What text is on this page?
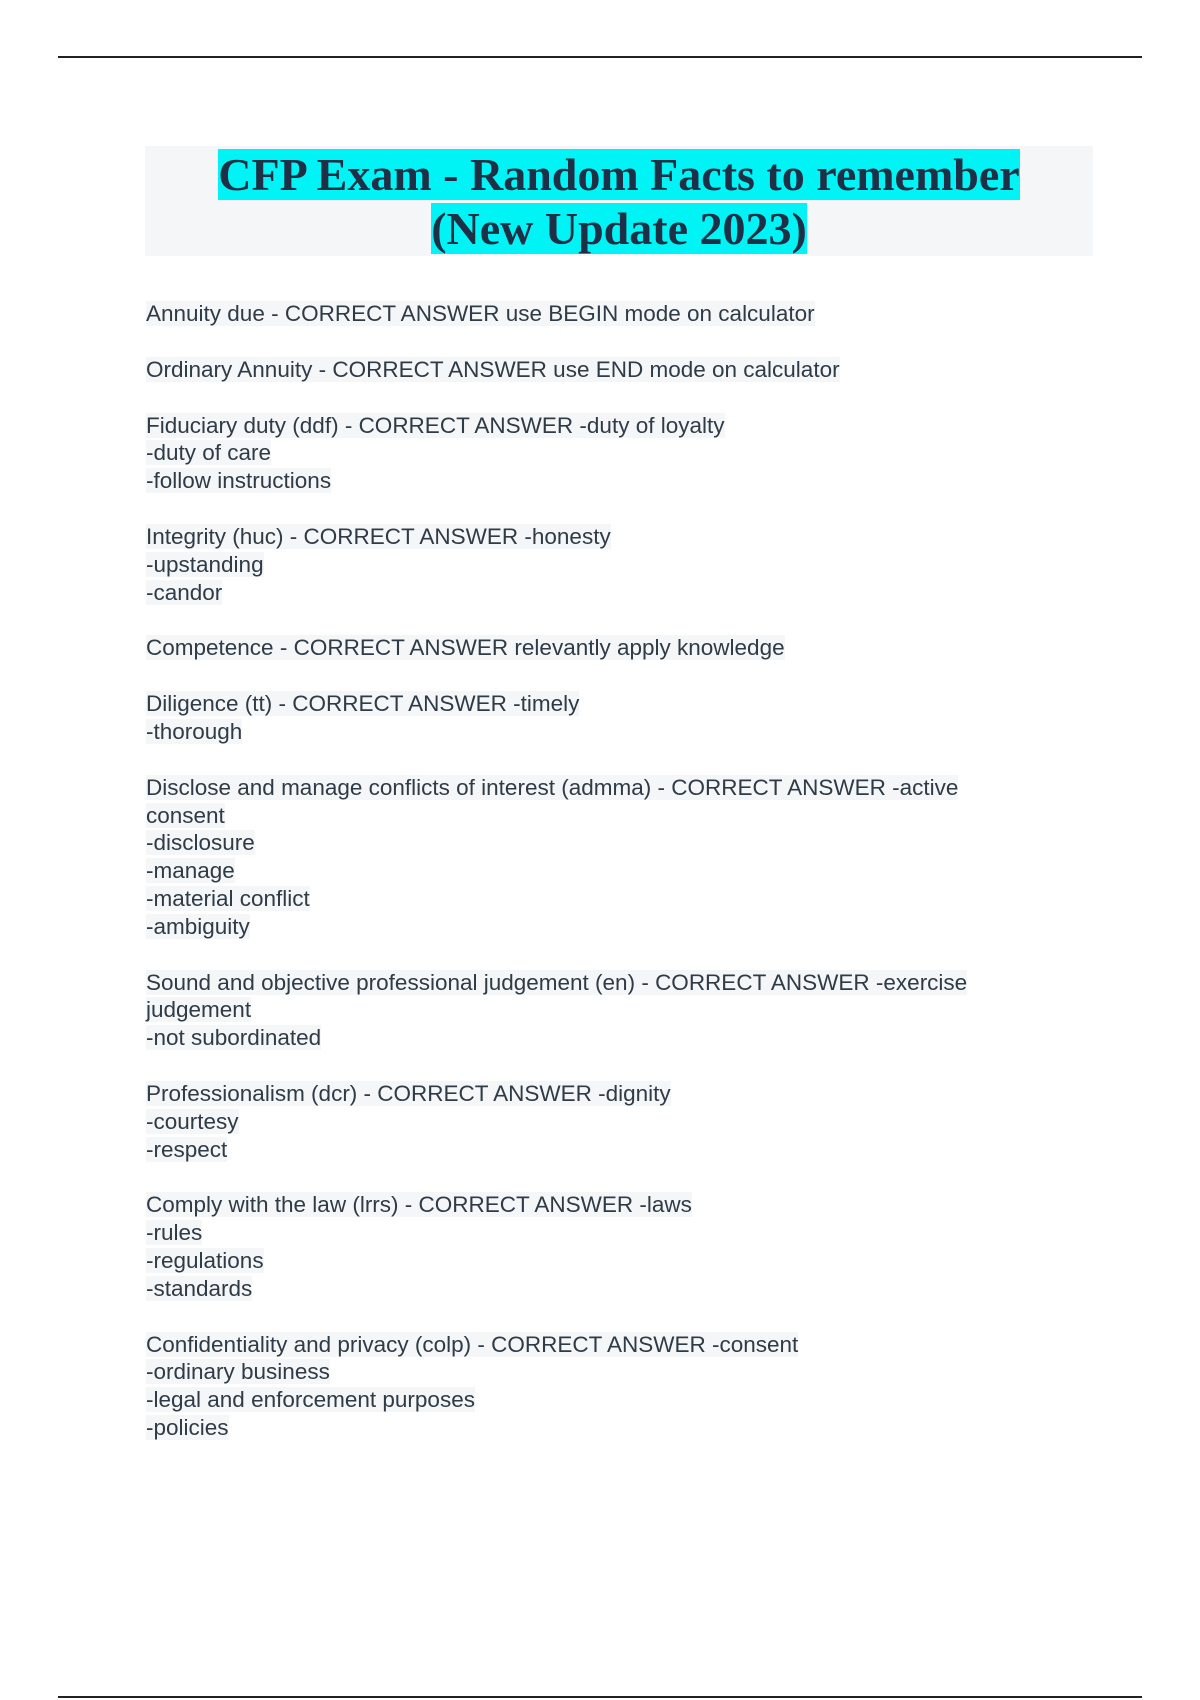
CFP Exam - Random Facts to remember
(New Update 2023)
Annuity due - CORRECT ANSWER use BEGIN mode on calculator
Ordinary Annuity - CORRECT ANSWER use END mode on calculator
Fiduciary duty (ddf) - CORRECT ANSWER -duty of loyalty
-duty of care
-follow instructions
Integrity (huc) - CORRECT ANSWER -honesty
-upstanding
-candor
Competence - CORRECT ANSWER relevantly apply knowledge
Diligence (tt) - CORRECT ANSWER -timely
-thorough
Disclose and manage conflicts of interest (admma) - CORRECT ANSWER -active
consent
-disclosure
-manage
-material conflict
-ambiguity
Sound and objective professional judgement (en) - CORRECT ANSWER -exercise
judgement
-not subordinated
Professionalism (dcr) - CORRECT ANSWER -dignity
-courtesy
-respect
Comply with the law (lrrs) - CORRECT ANSWER -laws
-rules
-regulations
-standards
Confidentiality and privacy (colp) - CORRECT ANSWER -consent
-ordinary business
-legal and enforcement purposes
-policies
